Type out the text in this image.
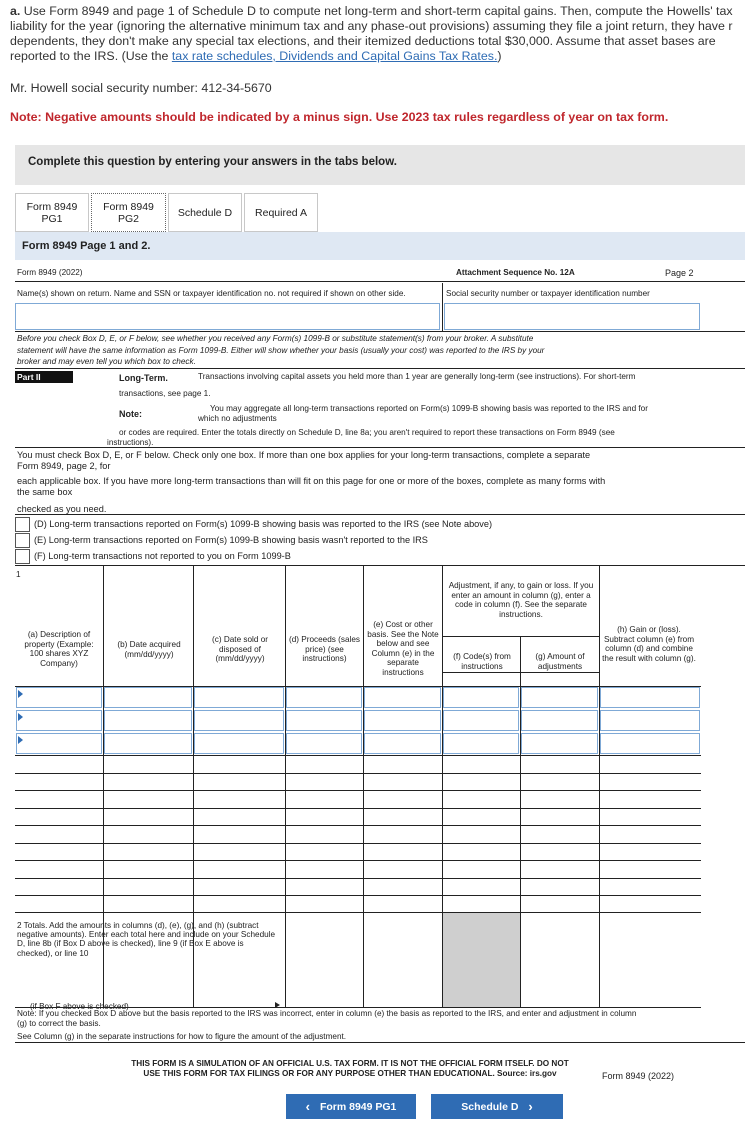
a. Use Form 8949 and page 1 of Schedule D to compute net long-term and short-term capital gains. Then, compute the Howells' tax
liability for the year (ignoring the alternative minimum tax and any phase-out provisions) assuming they file a joint return, they have r
dependents, they don't make any special tax elections, and their itemized deductions total $30,000. Assume that asset bases are
reported to the IRS. (Use the tax rate schedules, Dividends and Capital Gains Tax Rates.)
Mr. Howell social security number: 412-34-5670
Note: Negative amounts should be indicated by a minus sign. Use 2023 tax rules regardless of year on tax form.
Complete this question by entering your answers in the tabs below.
Form 8949
PG1
Form 8949
PG2	Schedule D Required A
Form 8949 Page 1 and 2.
Form 8949 (2022)	Attachment Sequence No. 12A	Page 2
Name(s) shown on return. Name and SSN or taxpayer identification no. not required if shown on other side.	Social security number or taxpayer identification number
Before you check Box D, E, or F below, see whether you received any Form(s) 1099-B or substitute statement(s) from your broker. A substitute
statement will have the same information as Form 1099-B. Either will show whether your basis (usually your cost) was reported to the IRS by your
broker and may even tell you which box to check.
Part II	Long-Term.	Transactions involving capital assets you held more than 1 year are generally long-term (see instructions). For short-term
transactions, see page 1.
Note:
You may aggregate all long-term transactions reported on Form(s) 1099-B showing basis was reported to the IRS and for
which no adjustments
or codes are required. Enter the totals directly on Schedule D, line 8a; you aren't required to report these transactions on Form 8949 (see
instructions).
You must check Box D, E, or F below. Check only one box. If more than one box applies for your long-term transactions, complete a separate
Form 8949, page 2, for
each applicable box. If you have more long-term transactions than will fit on this page for one or more of the boxes, complete as many forms with
the same box
checked as you need.
(D) Long-term transactions reported on Form(s) 1099-B showing basis was reported to the IRS (see Note above)
(E) Long-term transactions reported on Form(s) 1099-B showing basis wasn't reported to the IRS
(F) Long-term transactions not reported to you on Form 1099-B
1
(a) Description of property (Example: 100 shares XYZ Company)
(b) Date acquired (mm/dd/yyyy)
(c) Date sold or disposed of (mm/dd/yyyy)
(d) Proceeds (sales price) (see instructions)
(e) Cost or other basis. See the Note below and see Column (e) in the separate instructions
Adjustment, if any, to gain or loss. If you enter an amount in column (g), enter a code in column (f). See the separate instructions.
(f) Code(s) from instructions
(g) Amount of adjustments
(h) Gain or (loss). Subtract column (e) from column (d) and combine the result with column (g).
2 Totals. Add the amounts in columns (d), (e), (g), and (h) (subtract negative amounts). Enter each total here and include on your Schedule D, line 8b (if Box D above is checked), line 9 (if Box E above is checked), or line 10
Note: If you checked Box D above but the basis reported to the IRS was incorrect, enter in column (e) the basis as reported to the IRS, and enter and adjustment in column
(g) to correct the basis.
See Column (g) in the separate instructions for how to figure the amount of the adjustment.
THIS FORM IS A SIMULATION OF AN OFFICIAL U.S. TAX FORM. IT IS NOT THE OFFICIAL FORM ITSELF. DO NOT
USE THIS FORM FOR TAX FILINGS OR FOR ANY PURPOSE OTHER THAN EDUCATIONAL. Source: irs.gov	Form 8949 (2022)
‹ Form 8949 PG1	Schedule D ›
